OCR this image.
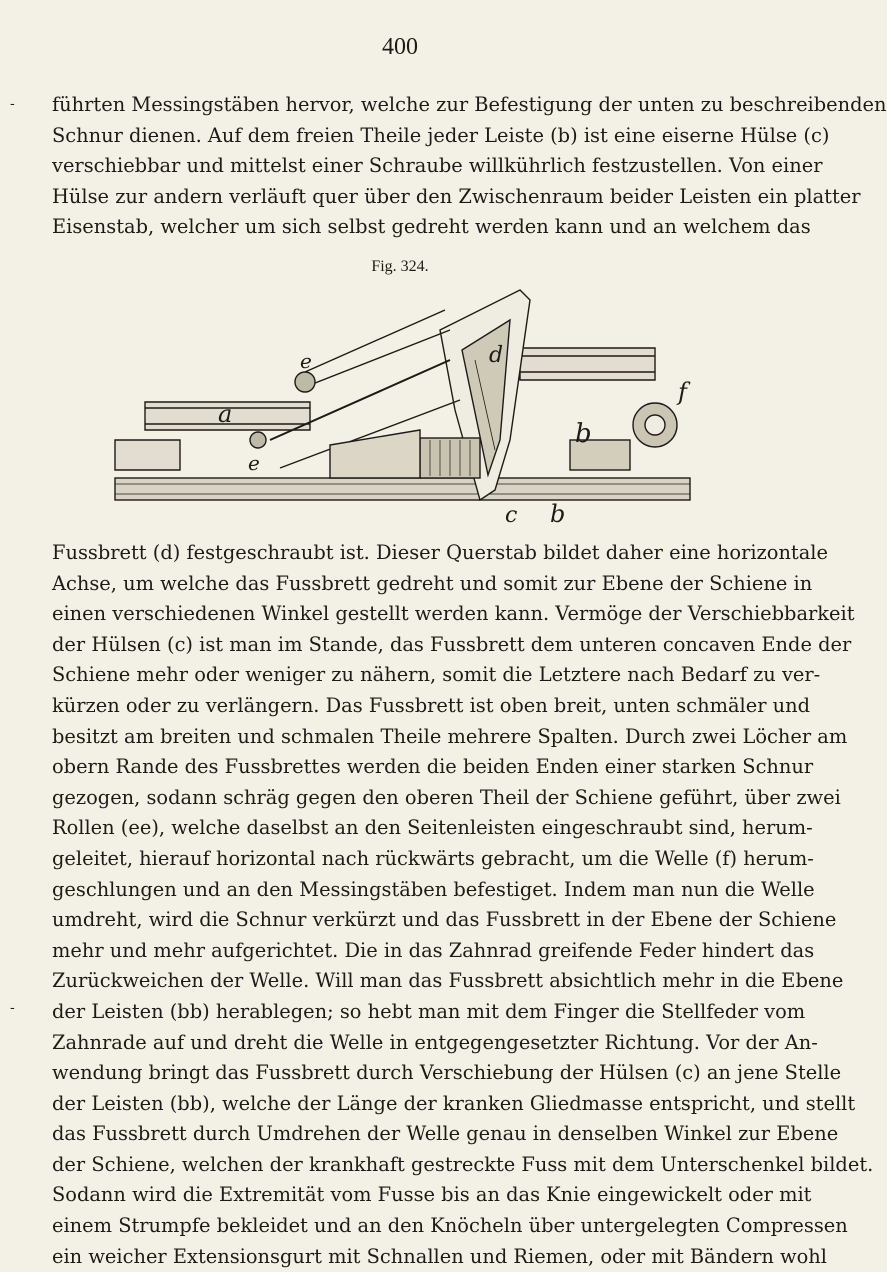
400
- führten Messingstäben hervor, welche zur Befestigung der unten zu beschreibenden
Schnur dienen. Auf dem freien Theile jeder Leiste (b) ist eine eiserne Hülse (c)
verschiebbar und mittelst einer Schraube willkührlich festzustellen. Von einer
Hülse zur andern verläuft quer über den Zwischenraum beider Leisten ein platter
Eisenstab, welcher um sich selbst gedreht werden kann und an welchem das
Fig. 324.
e
a
e
d
b
f
c b
Fussbrett (d) festgeschraubt ist. Dieser Querstab bildet daher eine horizontale
Achse, um welche das Fussbrett gedreht und somit zur Ebene der Schiene in
einen verschiedenen Winkel gestellt werden kann. Vermöge der Verschiebbarkeit
der Hülsen (c) ist man im Stande, das Fussbrett dem unteren concaven Ende der
Schiene mehr oder weniger zu nähern, somit die Letztere nach Bedarf zu ver-
kürzen oder zu verlängern. Das Fussbrett ist oben breit, unten schmäler und
besitzt am breiten und schmalen Theile mehrere Spalten. Durch zwei Löcher am
obern Rande des Fussbrettes werden die beiden Enden einer starken Schnur
gezogen, sodann schräg gegen den oberen Theil der Schiene geführt, über zwei
Rollen (ee), welche daselbst an den Seitenleisten eingeschraubt sind, herum-
geleitet, hierauf horizontal nach rückwärts gebracht, um die Welle (f) herum-
geschlungen und an den Messingstäben befestiget. Indem man nun die Welle
umdreht, wird die Schnur verkürzt und das Fussbrett in der Ebene der Schiene
mehr und mehr aufgerichtet. Die in das Zahnrad greifende Feder hindert das
Zurückweichen der Welle. Will man das Fussbrett absichtlich mehr in die Ebene
der Leisten (bb) herablegen; so hebt man mit dem Finger die Stellfeder vom
Zahnrade auf und dreht die Welle in entgegengesetzter Richtung. Vor der An-
wendung bringt das Fussbrett durch Verschiebung der Hülsen (c) an jene Stelle
der Leisten (bb), welche der Länge der kranken Gliedmasse entspricht, und stellt
das Fussbrett durch Umdrehen der Welle genau in denselben Winkel zur Ebene
der Schiene, welchen der krankhaft gestreckte Fuss mit dem Unterschenkel bildet.
Sodann wird die Extremität vom Fusse bis an das Knie eingewickelt oder mit
einem Strumpfe bekleidet und an den Knöcheln über untergelegten Compressen
ein weicher Extensionsgurt mit Schnallen und Riemen, oder mit Bändern wohl
-
